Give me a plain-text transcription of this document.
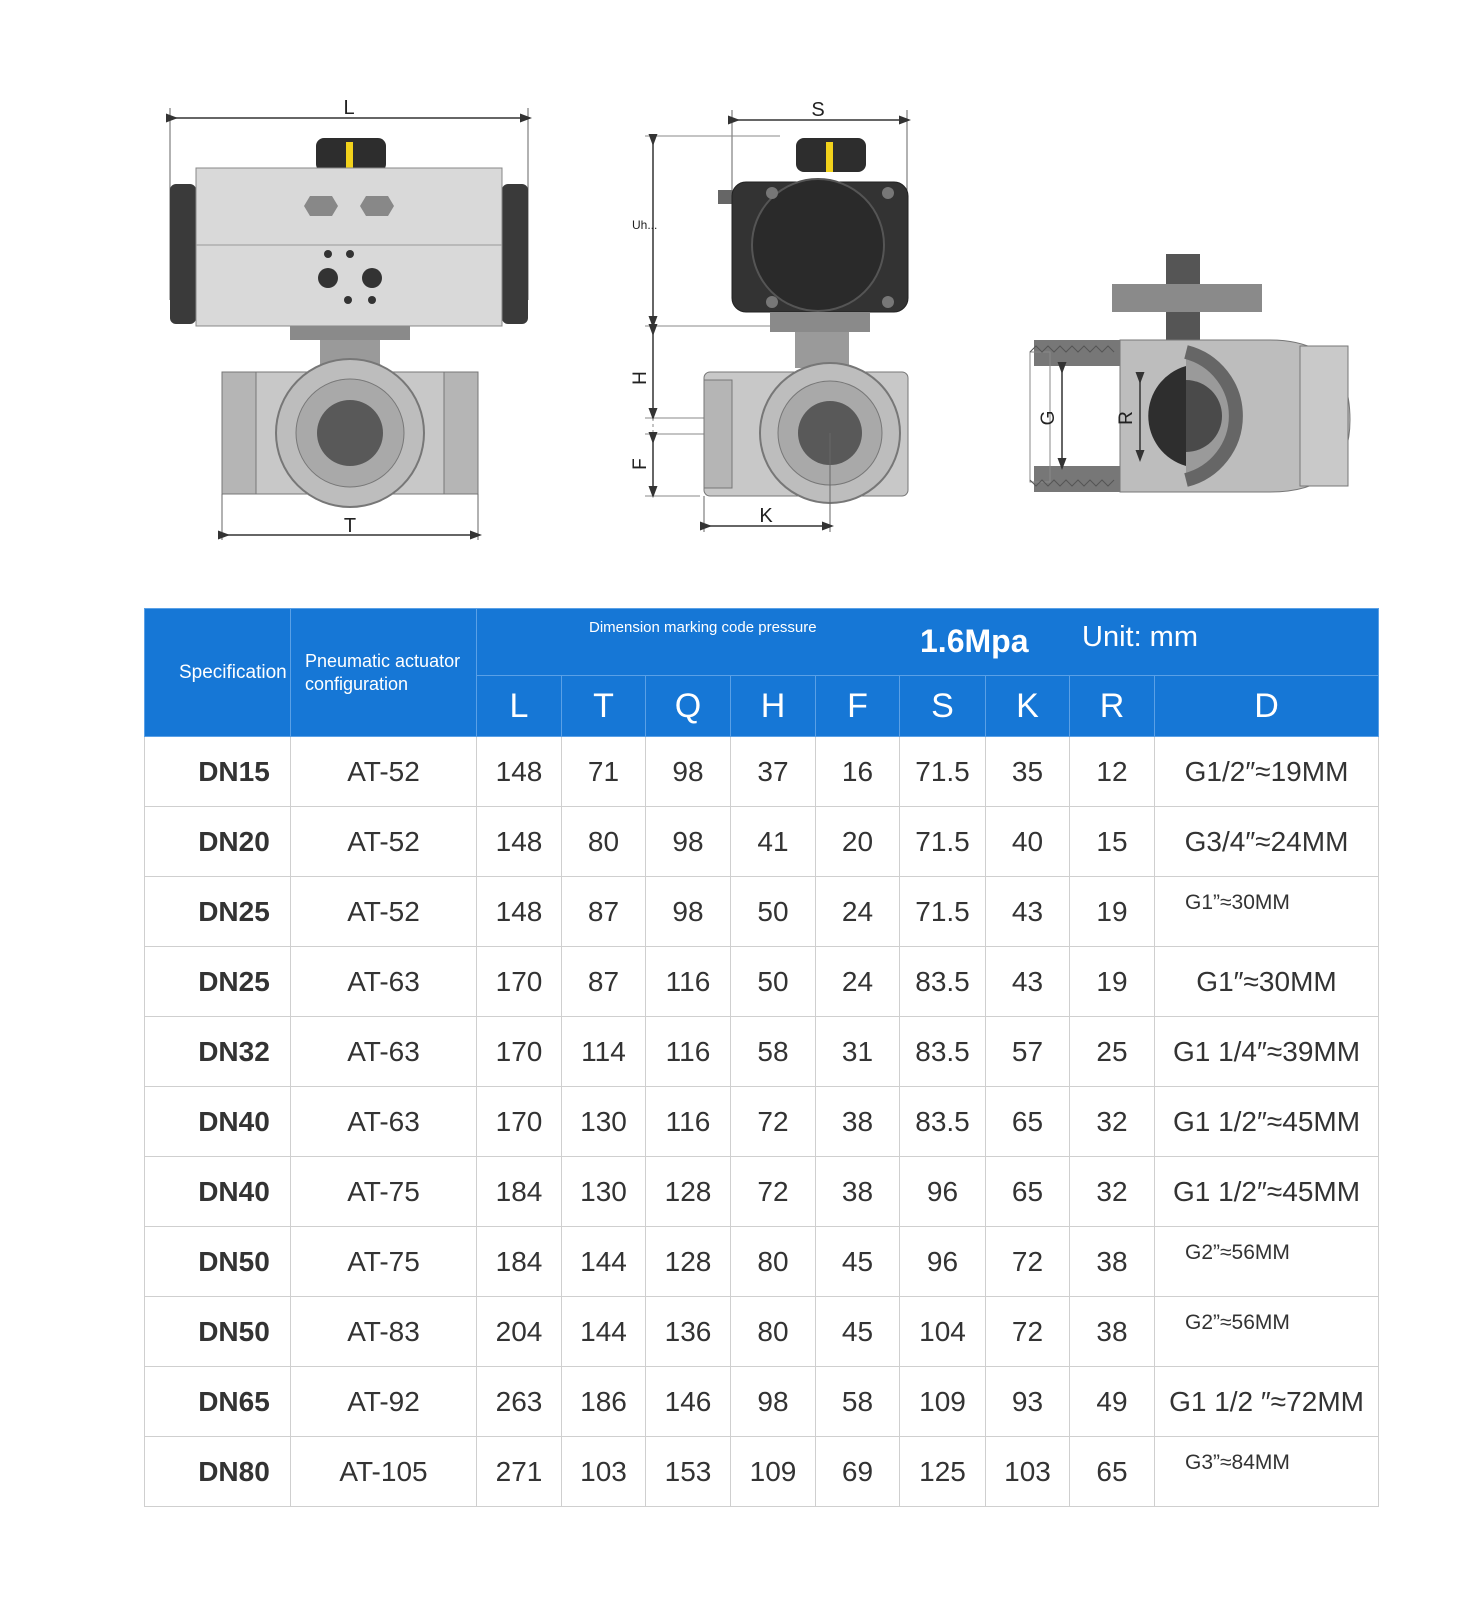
L
T
S
Uh...
H
F
K
G	R
Specification	Pneumatic actuator configuration	Dimension marking code pressure 1.6Mpa Unit: mm								

		L	T	Q	H	F	S	K	R	D
DN15	AT-52	148	71	98	37	16	71.5	35	12	G1/2″≈19MM
DN20	AT-52	148	80	98	41	20	71.5	40	15	G3/4″≈24MM
DN25	AT-52	148	87	98	50	24	71.5	43	19	G1”≈30MM
DN25	AT-63	170	87	116	50	24	83.5	43	19	G1″≈30MM
DN32	AT-63	170	114	116	58	31	83.5	57	25	G1 1/4″≈39MM
DN40	AT-63	170	130	116	72	38	83.5	65	32	G1 1/2″≈45MM
DN40	AT-75	184	130	128	72	38	96	65	32	G1 1/2″≈45MM
DN50	AT-75	184	144	128	80	45	96	72	38	G2”≈56MM
DN50	AT-83	204	144	136	80	45	104	72	38	G2”≈56MM
DN65	AT-92	263	186	146	98	58	109	93	49	G1 1/2 ″≈72MM
DN80	AT-105	271	103	153	109	69	125	103	65	G3”≈84MM
